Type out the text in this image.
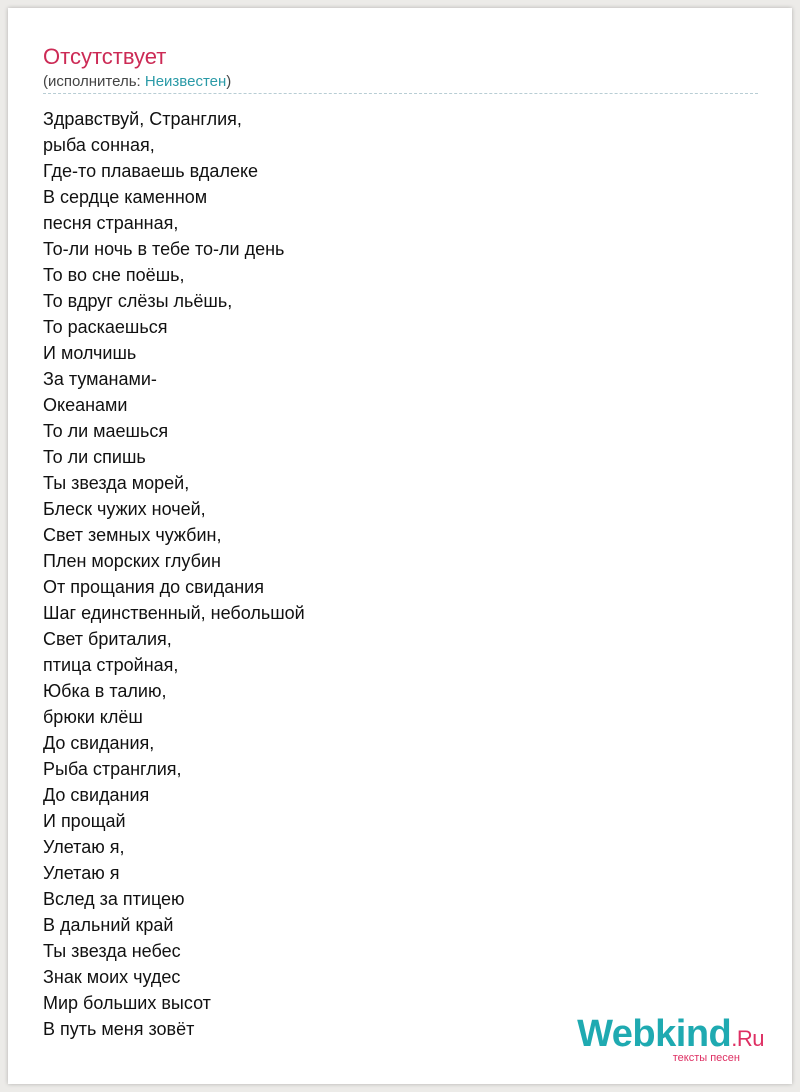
Отсутствует
(исполнитель: Неизвестен)
Здравствуй, Странглия,
рыба сонная,
Где-то плаваешь вдалеке
В сердце каменном
песня странная,
То-ли ночь в тебе то-ли день
То во сне поёшь,
То вдруг слёзы льёшь,
То раскаешься
И молчишь
За туманами-
Океанами
То ли маешься
То ли спишь
Ты звезда морей,
Блеск чужих ночей,
Свет земных чужбин,
Плен морских глубин
От прощания до свидания
Шаг единственный, небольшой
Свет бриталия,
птица стройная,
Юбка в талию,
брюки клёш
До свидания,
Рыба странглия,
До свидания
И прощай
Улетаю я,
Улетаю я
Вслед за птицею
В дальний край
Ты звезда небес
Знак моих чудес
Мир больших высот
В путь меня зовёт	Webkind.Ru
тексты песен
